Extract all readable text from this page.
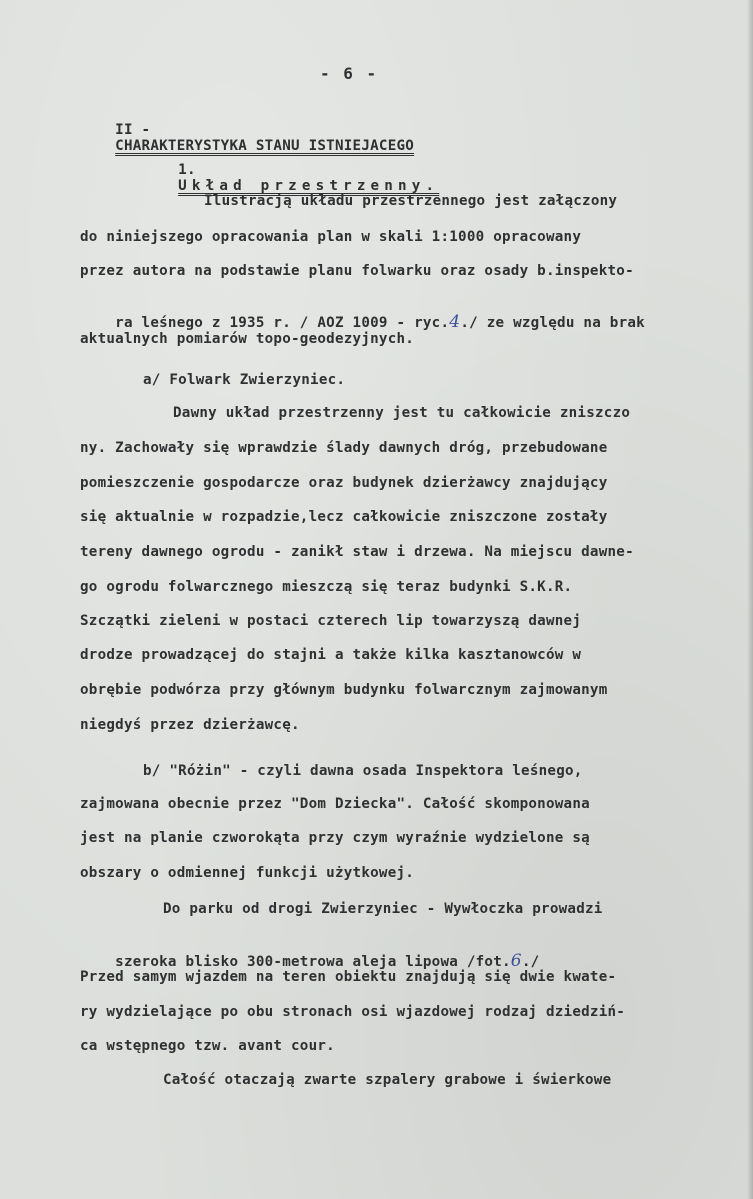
- 6 -

II -
CHARAKTERYSTYKA STANU ISTNIEJACEGO

1.
Układ przestrzenny.

Ilustracją układu przestrzennego jest załączony
do niniejszego opracowania plan w skali 1:1000 opracowany
przez autora na podstawie planu folwarku oraz osady b.inspekto-

ra leśnego z 1935 r. / AOZ 1009 - ryc.4./ ze względu na brak

aktualnych pomiarów topo-geodezyjnych.
a/ Folwark Zwierzyniec.
Dawny układ przestrzenny jest tu całkowicie zniszczo
ny. Zachowały się wprawdzie ślady dawnych dróg, przebudowane
pomieszczenie gospodarcze oraz budynek dzierżawcy znajdujący
się aktualnie w rozpadzie,lecz całkowicie zniszczone zostały
tereny dawnego ogrodu - zanikł staw i drzewa. Na miejscu dawne-
go ogrodu folwarcznego mieszczą się teraz budynki S.K.R.
Szczątki zieleni w postaci czterech lip towarzyszą dawnej
drodze prowadzącej do stajni a także kilka kasztanowców w
obrębie podwórza przy głównym budynku folwarcznym zajmowanym
niegdyś przez dzierżawcę.
b/ "Różin" - czyli dawna osada Inspektora leśnego,
zajmowana obecnie przez "Dom Dziecka". Całość skomponowana
jest na planie czworokąta przy czym wyraźnie wydzielone są
obszary o odmiennej funkcji użytkowej.
Do parku od drogi Zwierzyniec - Wywłoczka prowadzi

szeroka blisko 300-metrowa aleja lipowa /fot.6./

Przed samym wjazdem na teren obiektu znajdują się dwie kwate-
ry wydzielające po obu stronach osi wjazdowej rodzaj dziedziń-
ca wstępnego tzw. avant cour.
Całość otaczają zwarte szpalery grabowe i świerkowe
